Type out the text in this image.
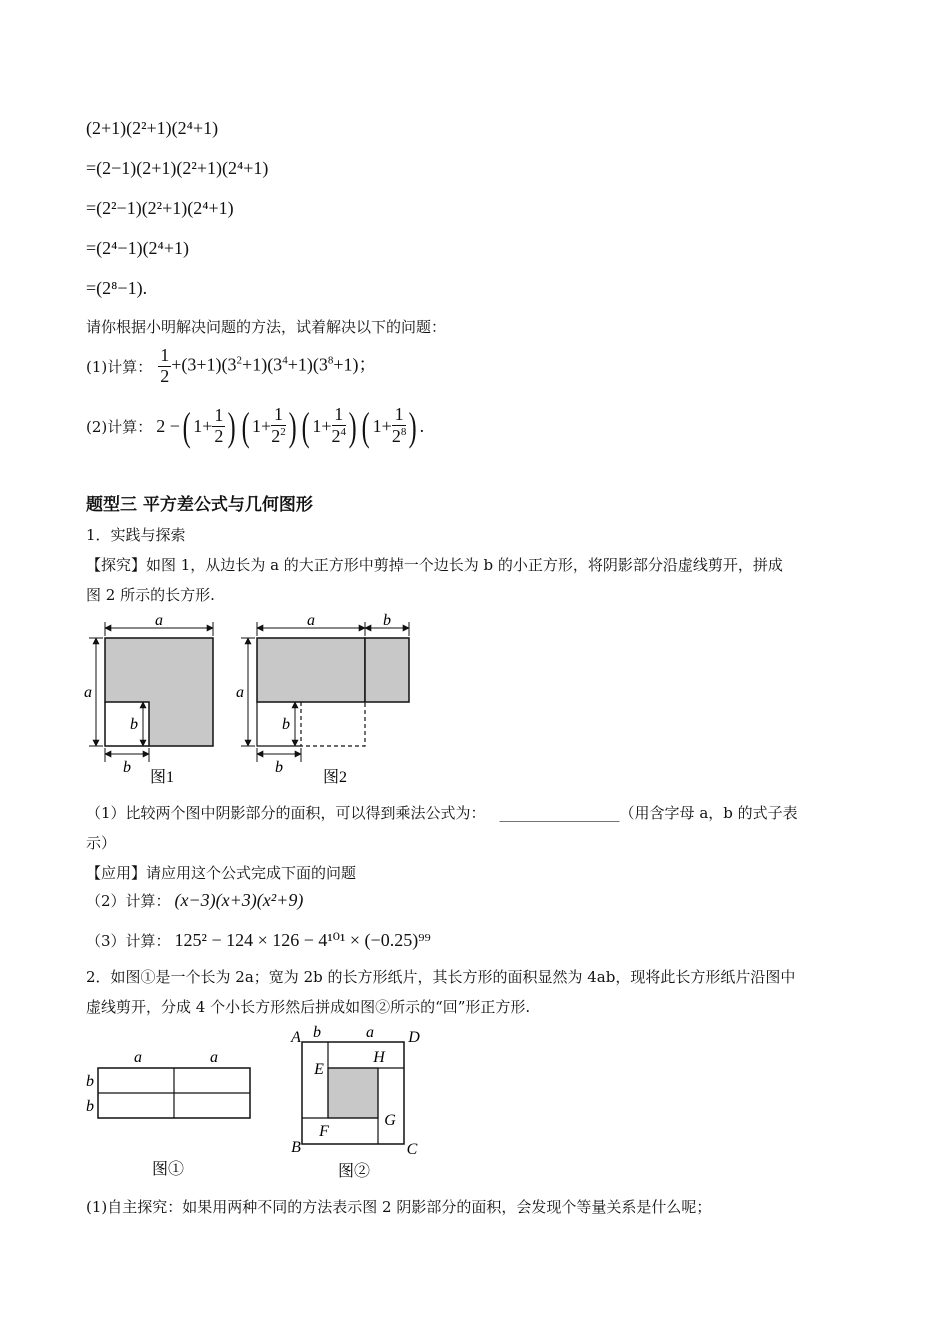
(2+1)(2²+1)(2⁴+1)
=(2−1)(2+1)(2²+1)(2⁴+1)
=(2²−1)(2²+1)(2⁴+1)
=(2⁴−1)(2⁴+1)
=(2⁸−1).
请你根据小明解决问题的方法，试着解决以下的问题：
(1)计算： $\frac{1}{2} +(3+1)(3^2+1)(3^4+1)(3^8+1)$；
(2)计算： 2 − ( $1+ \frac{1}{2}$ ) ( $1+ \frac{1}{2^2}$ ) ( $1+ \frac{1}{2^4}$ ) ( $1+ \frac{1}{2^8}$ ) .
题型三 平方差公式与几何图形
1．实践与探索
【探究】如图 1，从边长为 a 的大正方形中剪掉一个边长为 b 的小正方形，将阴影部分沿虚线剪开，拼成
图 2 所示的长方形.
a
a
b
b
图1
a	b
a
b
b
图2
（1）比较两个图中阴影部分的面积，可以得到乘法公式为： ________________（用含字母 a，b 的式子表
示）
【应用】请应用这个公式完成下面的问题
（2）计算： (x−3)(x+3)(x²+9)
（3）计算： 125² − 124 × 126 − 4¹⁰¹ × (−0.25)⁹⁹
2．如图①是一个长为 2a；宽为 2b 的长方形纸片，其长方形的面积显然为 4ab，现将此长方形纸片沿图中
虚线剪开，分成 4 个小长方形然后拼成如图②所示的“回”形正方形.
a	a
b
b
图①
A	D
B	C
b	a
E
H
G
F
图②
(1)自主探究：如果用两种不同的方法表示图 2 阴影部分的面积，会发现个等量关系是什么呢；
